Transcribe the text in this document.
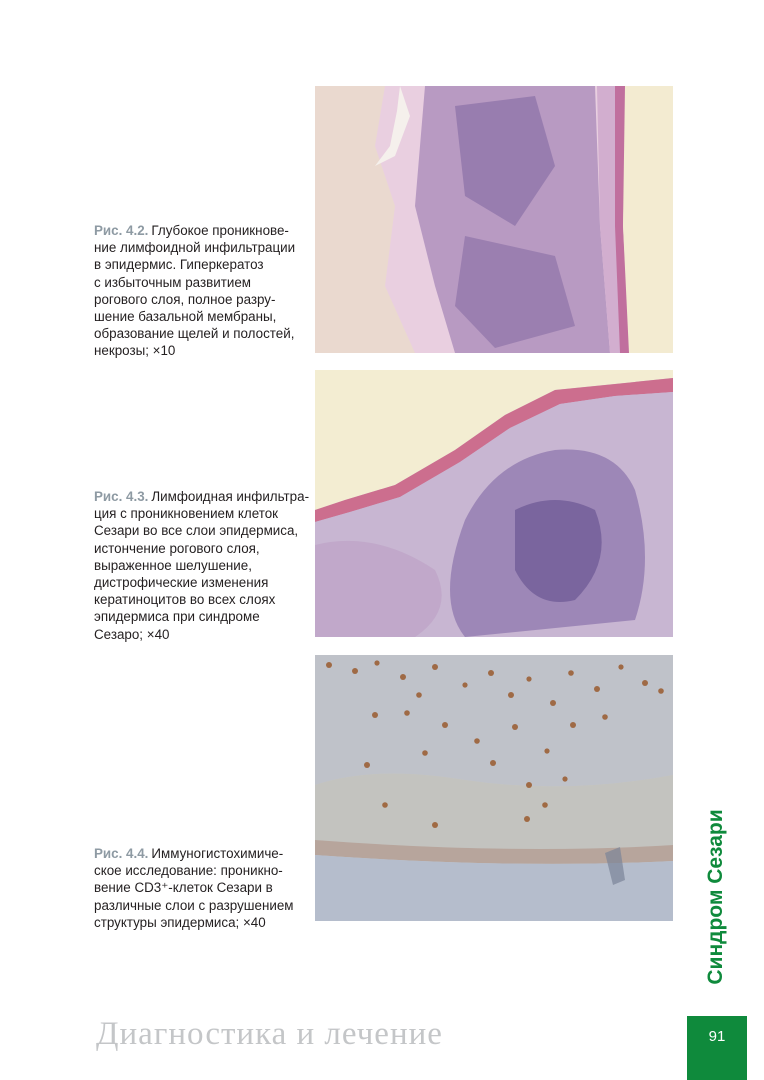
Рис. 4.2. Глубокое проникнове-
ние лимфоидной инфильтрации
в эпидермис. Гиперкератоз
с избыточным развитием
рогового слоя, полное разру-
шение базальной мембраны,
образование щелей и полостей,
некрозы; ×10
Рис. 4.3. Лимфоидная инфильтра-
ция с проникновением клеток
Сезари во все слои эпидермиса,
истончение рогового слоя,
выраженное шелушение,
дистрофические изменения
кератиноцитов во всех слоях
эпидермиса при синдроме
Сезаро; ×40
Рис. 4.4. Иммуногистохимиче-
ское исследование: проникно-
вение CD3⁺-клеток Сезари в
различные слои с разрушением
структуры эпидермиса; ×40	Синдром Сезари
Диагностика и лечение	91
